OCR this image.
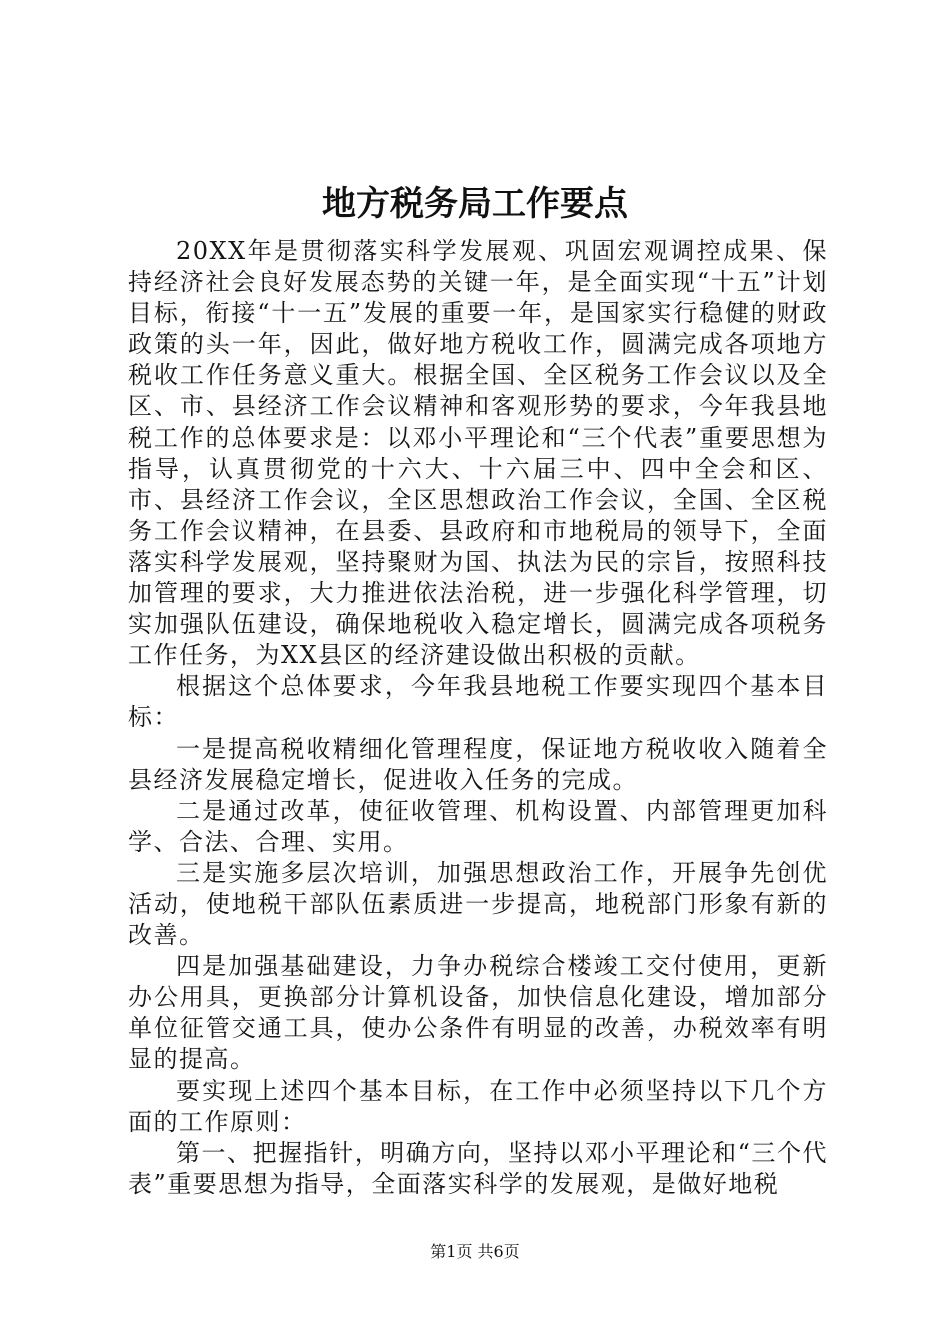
地方税务局工作要点

20XX年是贯彻落实科学发展观、巩固宏观调控成果、保持经济社会良好发展态势的关键一年，是全面实现“十五”计划目标，衔接“十一五”发展的重要一年，是国家实行稳健的财政政策的头一年，因此，做好地方税收工作，圆满完成各项地方税收工作任务意义重大。根据全国、全区税务工作会议以及全区、市、县经济工作会议精神和客观形势的要求，今年我县地税工作的总体要求是：以邓小平理论和“三个代表”重要思想为指导，认真贯彻党的十六大、十六届三中、四中全会和区、市、县经济工作会议，全区思想政治工作会议，全国、全区税务工作会议精神，在县委、县政府和市地税局的领导下，全面落实科学发展观，坚持聚财为国、执法为民的宗旨，按照科技加管理的要求，大力推进依法治税，进一步强化科学管理，切实加强队伍建设，确保地税收入稳定增长，圆满完成各项税务工作任务，为XX县区的经济建设做出积极的贡献。

根据这个总体要求，今年我县地税工作要实现四个基本目标：

一是提高税收精细化管理程度，保证地方税收收入随着全县经济发展稳定增长，促进收入任务的完成。

二是通过改革，使征收管理、机构设置、内部管理更加科学、合法、合理、实用。

三是实施多层次培训，加强思想政治工作，开展争先创优活动，使地税干部队伍素质进一步提高，地税部门形象有新的改善。

四是加强基础建设，力争办税综合楼竣工交付使用，更新办公用具，更换部分计算机设备，加快信息化建设，增加部分单位征管交通工具，使办公条件有明显的改善，办税效率有明显的提高。

要实现上述四个基本目标，在工作中必须坚持以下几个方面的工作原则：

第一、把握指针，明确方向，坚持以邓小平理论和“三个代表”重要思想为指导，全面落实科学的发展观，是做好地税

第1页 共6页
